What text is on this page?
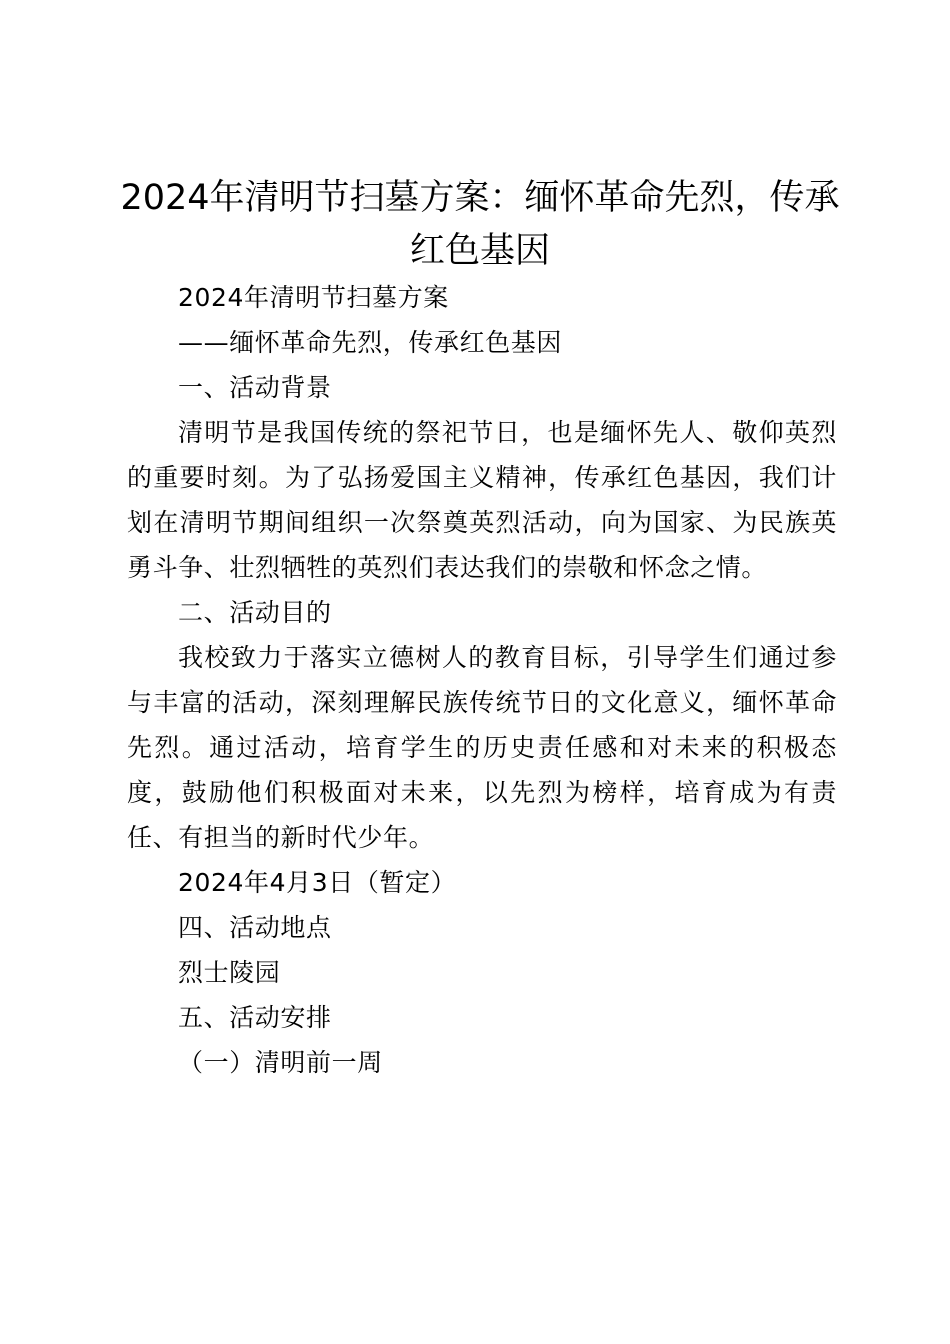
2024年清明节扫墓方案：缅怀革命先烈，传承红色基因

2024年清明节扫墓方案

——缅怀革命先烈，传承红色基因

一、活动背景

清明节是我国传统的祭祀节日，也是缅怀先人、敬仰英烈的重要时刻。为了弘扬爱国主义精神，传承红色基因，我们计划在清明节期间组织一次祭奠英烈活动，向为国家、为民族英勇斗争、壮烈牺牲的英烈们表达我们的崇敬和怀念之情。

二、活动目的

我校致力于落实立德树人的教育目标，引导学生们通过参与丰富的活动，深刻理解民族传统节日的文化意义，缅怀革命先烈。通过活动，培育学生的历史责任感和对未来的积极态度，鼓励他们积极面对未来，以先烈为榜样，培育成为有责任、有担当的新时代少年。

2024年4月3日（暂定）

四、活动地点

烈士陵园

五、活动安排

（一）清明前一周
